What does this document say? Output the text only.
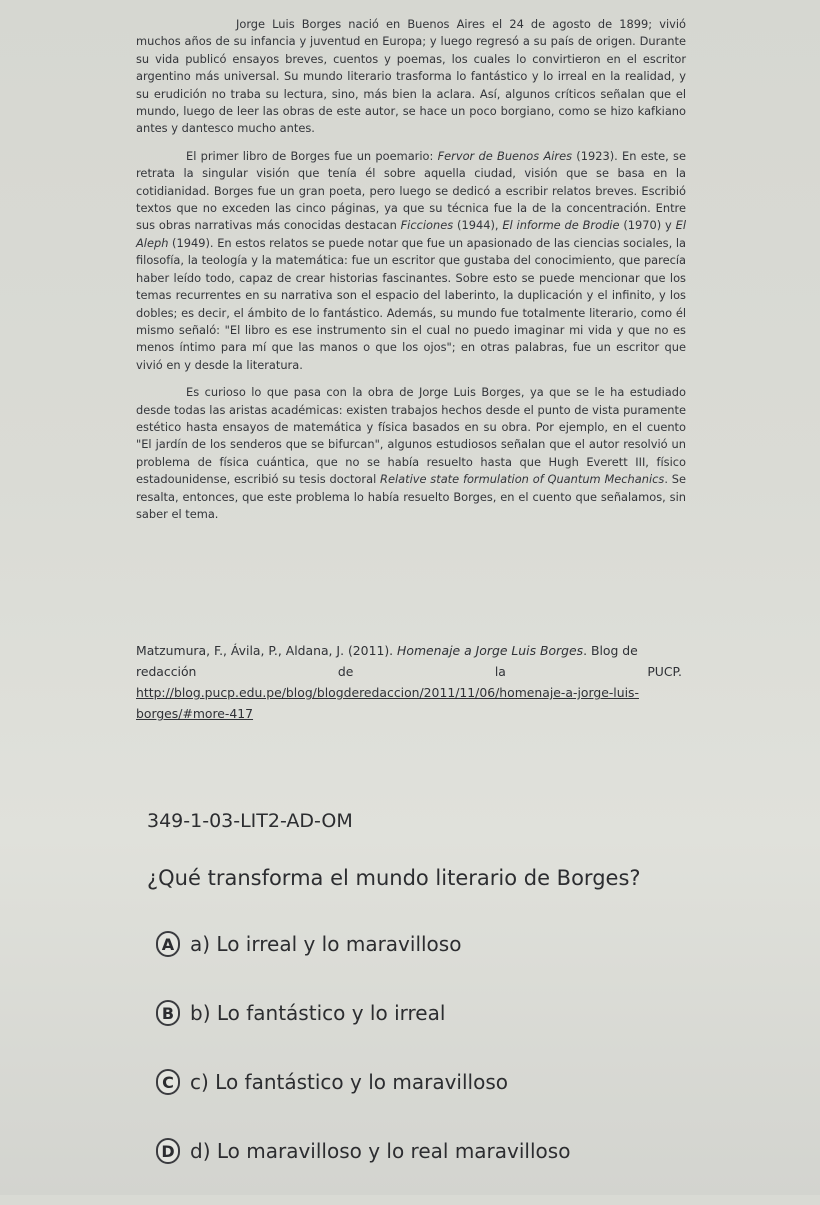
Jorge Luis Borges nació en Buenos Aires el 24 de agosto de 1899; vivió muchos años de su infancia y juventud en Europa; y luego regresó a su país de origen. Durante su vida publicó ensayos breves, cuentos y poemas, los cuales lo convirtieron en el escritor argentino más universal. Su mundo literario trasforma lo fantástico y lo irreal en la realidad, y su erudición no traba su lectura, sino, más bien la aclara. Así, algunos críticos señalan que el mundo, luego de leer las obras de este autor, se hace un poco borgiano, como se hizo kafkiano antes y dantesco mucho antes.

El primer libro de Borges fue un poemario: Fervor de Buenos Aires (1923). En este, se retrata la singular visión que tenía él sobre aquella ciudad, visión que se basa en la cotidianidad. Borges fue un gran poeta, pero luego se dedicó a escribir relatos breves. Escribió textos que no exceden las cinco páginas, ya que su técnica fue la de la concentración. Entre sus obras narrativas más conocidas destacan Ficciones (1944), El informe de Brodie (1970) y El Aleph (1949). En estos relatos se puede notar que fue un apasionado de las ciencias sociales, la filosofía, la teología y la matemática: fue un escritor que gustaba del conocimiento, que parecía haber leído todo, capaz de crear historias fascinantes. Sobre esto se puede mencionar que los temas recurrentes en su narrativa son el espacio del laberinto, la duplicación y el infinito, y los dobles; es decir, el ámbito de lo fantástico. Además, su mundo fue totalmente literario, como él mismo señaló: "El libro es ese instrumento sin el cual no puedo imaginar mi vida y que no es menos íntimo para mí que las manos o que los ojos"; en otras palabras, fue un escritor que vivió en y desde la literatura.

Es curioso lo que pasa con la obra de Jorge Luis Borges, ya que se le ha estudiado desde todas las aristas académicas: existen trabajos hechos desde el punto de vista puramente estético hasta ensayos de matemática y física basados en su obra. Por ejemplo, en el cuento "El jardín de los senderos que se bifurcan", algunos estudiosos señalan que el autor resolvió un problema de física cuántica, que no se había resuelto hasta que Hugh Everett III, físico estadounidense, escribió su tesis doctoral Relative state formulation of Quantum Mechanics. Se resalta, entonces, que este problema lo había resuelto Borges, en el cuento que señalamos, sin saber el tema.

Matzumura, F., Ávila, P., Aldana, J. (2011). Homenaje a Jorge Luis Borges. Blog de
redacción	de	la	PUCP.
http://blog.pucp.edu.pe/blog/blogderedaccion/2011/11/06/homenaje-a-jorge-luis-borges/#more-417
349-1-03-LIT2-AD-OM
¿Qué transforma el mundo literario de Borges?
A a) Lo irreal y lo maravilloso
B b) Lo fantástico y lo irreal
C c) Lo fantástico y lo maravilloso
D d) Lo maravilloso y lo real maravilloso
